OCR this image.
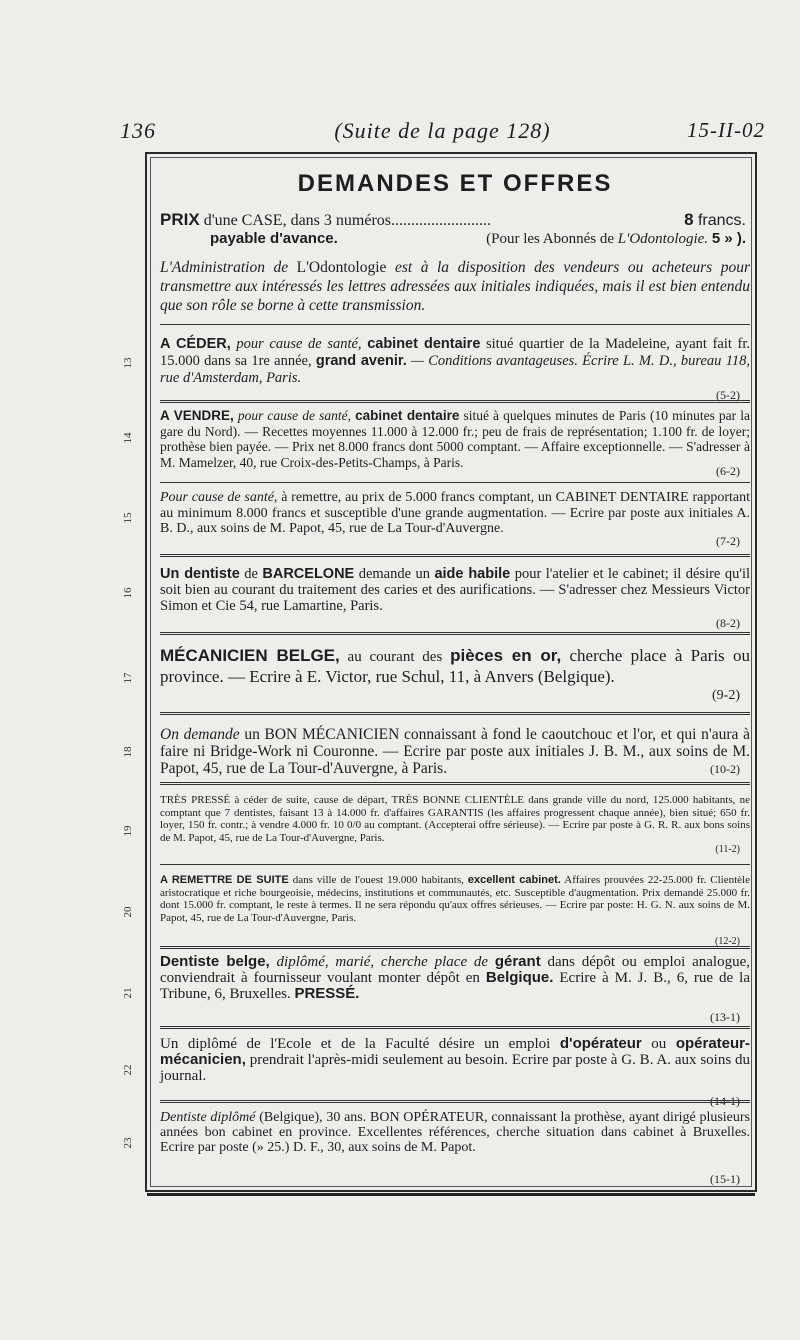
136	(Suite de la page 128)	15-II-02
13
14
15
16
17
18
19
20
21
22
23
DEMANDES ET OFFRES
PRIX d'une CASE, dans 3 numéros.........................	8 francs.
payable d'avance.	(Pour les Abonnés de L'Odontologie. 5 » ).
L'Administration de L'Odontologie est à la disposition des vendeurs ou acheteurs pour transmettre aux intéressés les lettres adressées aux initiales indiquées, mais il est bien entendu que son rôle se borne à cette transmission.
A CÉDER, pour cause de santé, cabinet dentaire situé quartier de la Madeleine, ayant fait fr. 15.000 dans sa 1re année, grand avenir. — Conditions avantageuses. Écrire L. M. D., bureau 118, rue d'Amsterdam, Paris.
(5-2)
A VENDRE, pour cause de santé, cabinet dentaire situé à quelques minutes de Paris (10 minutes par la gare du Nord). — Recettes moyennes 11.000 à 12.000 fr.; peu de frais de représentation; 1.100 fr. de loyer; prothèse bien payée. — Prix net 8.000 francs dont 5000 comptant. — Affaire exceptionnelle. — S'adresser à M. Mamelzer, 40, rue Croix-des-Petits-Champs, à Paris.
(6-2)
Pour cause de santé, à remettre, au prix de 5.000 francs comptant, un CABINET DENTAIRE rapportant au minimum 8.000 francs et susceptible d'une grande augmentation. — Ecrire par poste aux initiales A. B. D., aux soins de M. Papot, 45, rue de La Tour-d'Auvergne.
(7-2)
Un dentiste de BARCELONE demande un aide habile pour l'atelier et le cabinet; il désire qu'il soit bien au courant du traitement des caries et des aurifications. — S'adresser chez Messieurs Victor Simon et Cie 54, rue Lamartine, Paris.
(8-2)
MÉCANICIEN BELGE, au courant des pièces en or, cherche place à Paris ou province. — Ecrire à E. Victor, rue Schul, 11, à Anvers (Belgique).
(9-2)
On demande un BON MÉCANICIEN connaissant à fond le caoutchouc et l'or, et qui n'aura à faire ni Bridge-Work ni Couronne. — Ecrire par poste aux initiales J. B. M., aux soins de M. Papot, 45, rue de La Tour-d'Auvergne, à Paris.	(10-2)
TRÈS PRESSÉ à céder de suite, cause de départ, TRÈS BONNE CLIENTÈLE dans grande ville du nord, 125.000 habitants, ne comptant que 7 dentistes, faisant 13 à 14.000 fr. d'affaires GARANTIS (les affaires progressent chaque année), bien situé; 650 fr. loyer, 150 fr. contr.; à vendre 4.000 fr. 10 0/0 au comptant. (Accepterai offre sérieuse). — Ecrire par poste à G. R. R. aux bons soins de M. Papot, 45, rue de La Tour-d'Auvergne, Paris.
(11-2)
A REMETTRE DE SUITE dans ville de l'ouest 19.000 habitants, excellent cabinet. Affaires prouvées 22-25.000 fr. Clientèle aristocratique et riche bourgeoisie, médecins, institutions et communautés, etc. Susceptible d'augmentation. Prix demandé 25.000 fr. dont 15.000 fr. comptant, le reste à termes. Il ne sera répondu qu'aux offres sérieuses. — Ecrire par poste: H. G. N. aux soins de M. Papot, 45, rue de La Tour-d'Auvergne, Paris.
(12-2)
Dentiste belge, diplômé, marié, cherche place de gérant dans dépôt ou emploi analogue, conviendrait à fournisseur voulant monter dépôt en Belgique. Ecrire à M. J. B., 6, rue de la Tribune, 6, Bruxelles. PRESSÉ.
(13-1)
Un diplômé de l'Ecole et de la Faculté désire un emploi d'opérateur ou opérateur-mécanicien, prendrait l'après-midi seulement au besoin. Ecrire par poste à G. B. A. aux soins du journal.
(14-1)
Dentiste diplômé (Belgique), 30 ans. BON OPÉRATEUR, connaissant la prothèse, ayant dirigé plusieurs années bon cabinet en province. Excellentes références, cherche situation dans cabinet à Bruxelles. Ecrire par poste (» 25.) D. F., 30, aux soins de M. Papot.
(15-1)
